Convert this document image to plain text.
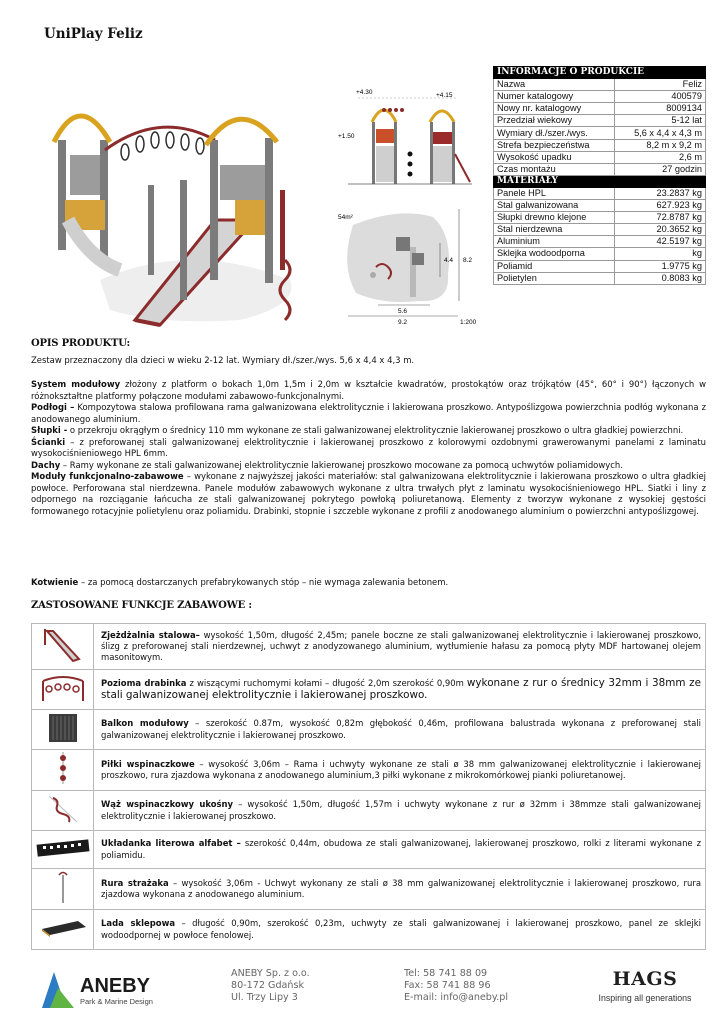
UniPlay Feliz
+4.30	+4.15
+1.50
54m²
4.4 8.2
5.6
9.2	1:200
INFORMACJE O PRODUKCIE	
Nazwa	Feliz
Numer katalogowy	400579
Nowy nr. katalogowy	8009134
Przedział wiekowy	5-12 lat
Wymiary dł./szer./wys.	5,6 x 4,4 x 4,3 m
Strefa bezpieczeństwa	8,2 m x 9,2 m
Wysokość upadku	2,6 m
Czas montażu	27 godzin
MATERIAŁY	
Panele HPL	23.2837 kg
Stal galwanizowana	627.923 kg
Słupki drewno klejone	72.8787 kg
Stal nierdzewna	20.3652 kg
Aluminium	42.5197 kg
Sklejka wodoodporna	kg
Poliamid	1.9775 kg
Polietylen	0.8083 kg
OPIS PRODUKTU:
Zestaw przeznaczony dla dzieci w wieku 2-12 lat. Wymiary dł./szer./wys. 5,6 x 4,4 x 4,3 m.

System modułowy złożony z platform o bokach 1,0m 1,5m i 2,0m w kształcie kwadratów, prostokątów oraz trójkątów (45°, 60° i 90°) łączonych w różnokształtne platformy połączone modułami zabawowo-funkcjonalnymi.

Podłogi – Kompozytowa stalowa profilowana rama galwanizowana elektrolitycznie i lakierowana proszkowo. Antypoślizgowa powierzchnia podłóg wykonana z anodowanego aluminium.

Słupki - o przekroju okrągłym o średnicy 110 mm wykonane ze stali galwanizowanej elektrolitycznie lakierowanej proszkowo o ultra gładkiej powierzchni.

Ścianki – z preforowanej stali galwanizowanej elektrolitycznie i lakierowanej proszkowo z kolorowymi ozdobnymi grawerowanymi panelami z laminatu wysokociśnieniowego HPL 6mm.

Dachy – Ramy wykonane ze stali galwanizowanej elektrolitycznie lakierowanej proszkowo mocowane za pomocą uchwytów poliamidowych.

Moduły funkcjonalno-zabawowe – wykonane z najwyższej jakości materiałów: stal galwanizowana elektrolitycznie i lakierowana proszkowo o ultra gładkiej powłoce. Perforowana stal nierdzewna. Panele modułów zabawowych wykonane z ultra trwałych płyt z laminatu wysokociśnieniowego HPL. Siatki i liny z odpornego na rozciąganie łańcucha ze stali galwanizowanej pokrytego powłoką poliuretanową. Elementy z tworzyw wykonane z wysokiej gęstości formowanego rotacyjnie polietylenu oraz poliamidu. Drabinki, stopnie i szczeble wykonane z profili z anodowanego aluminium o powierzchni antypoślizgowej.

Kotwienie – za pomocą dostarczanych prefabrykowanych stóp – nie wymaga zalewania betonem.
ZASTOSOWANE FUNKCJE ZABAWOWE :
	Zjeżdżalnia stalowa– wysokość 1,50m, długość 2,45m; panele boczne ze stali galwanizowanej elektrolitycznie i lakierowanej proszkowo, ślizg z preforowanej stali nierdzewnej, uchwyt z anodyzowanego aluminium, wytłumienie hałasu za pomocą płyty MDF hartowanej olejem masonitowym.
	Pozioma drabinka z wiszącymi ruchomymi kołami – długość 2,0m szerokość 0,90m wykonane z rur o średnicy 32mm i 38mm ze stali galwanizowanej elektrolitycznie i lakierowanej proszkowo.
	Balkon modułowy – szerokość 0.87m, wysokość 0,82m głębokość 0,46m, profilowana balustrada wykonana z preforowanej stali galwanizowanej elektrolitycznie i lakierowanej proszkowo.
	Piłki wspinaczkowe – wysokość 3,06m – Rama i uchwyty wykonane ze stali ø 38 mm galwanizowanej elektrolitycznie i lakierowanej proszkowo, rura zjazdowa wykonana z anodowanego aluminium,3 piłki wykonane z mikrokomórkowej pianki poliuretanowej.
	Wąż wspinaczkowy ukośny – wysokość 1,50m, długość 1,57m i uchwyty wykonane z rur ø 32mm i 38mmze stali galwanizowanej elektrolitycznie i lakierowanej proszkowo.
	Układanka literowa alfabet – szerokość 0,44m, obudowa ze stali galwanizowanej, lakierowanej proszkowo, rolki z literami wykonane z poliamidu.
	Rura strażaka – wysokość 3,06m - Uchwyt wykonany ze stali ø 38 mm galwanizowanej elektrolitycznie i lakierowanej proszkowo, rura zjazdowa wykonana z anodowanego aluminium.
	Lada sklepowa – długość 0,90m, szerokość 0,23m, uchwyty ze stali galwanizowanej i lakierowanej proszkowo, panel ze sklejki wodoodpornej w powłoce fenolowej.
ANEBY
Park & Marine Design
ANEBY Sp. z o.o.
80-172 Gdańsk
Ul. Trzy Lipy 3
Tel: 58 741 88 09
Fax: 58 741 88 96
E-mail: info@aneby.pl
HAGS
Inspiring all generations
